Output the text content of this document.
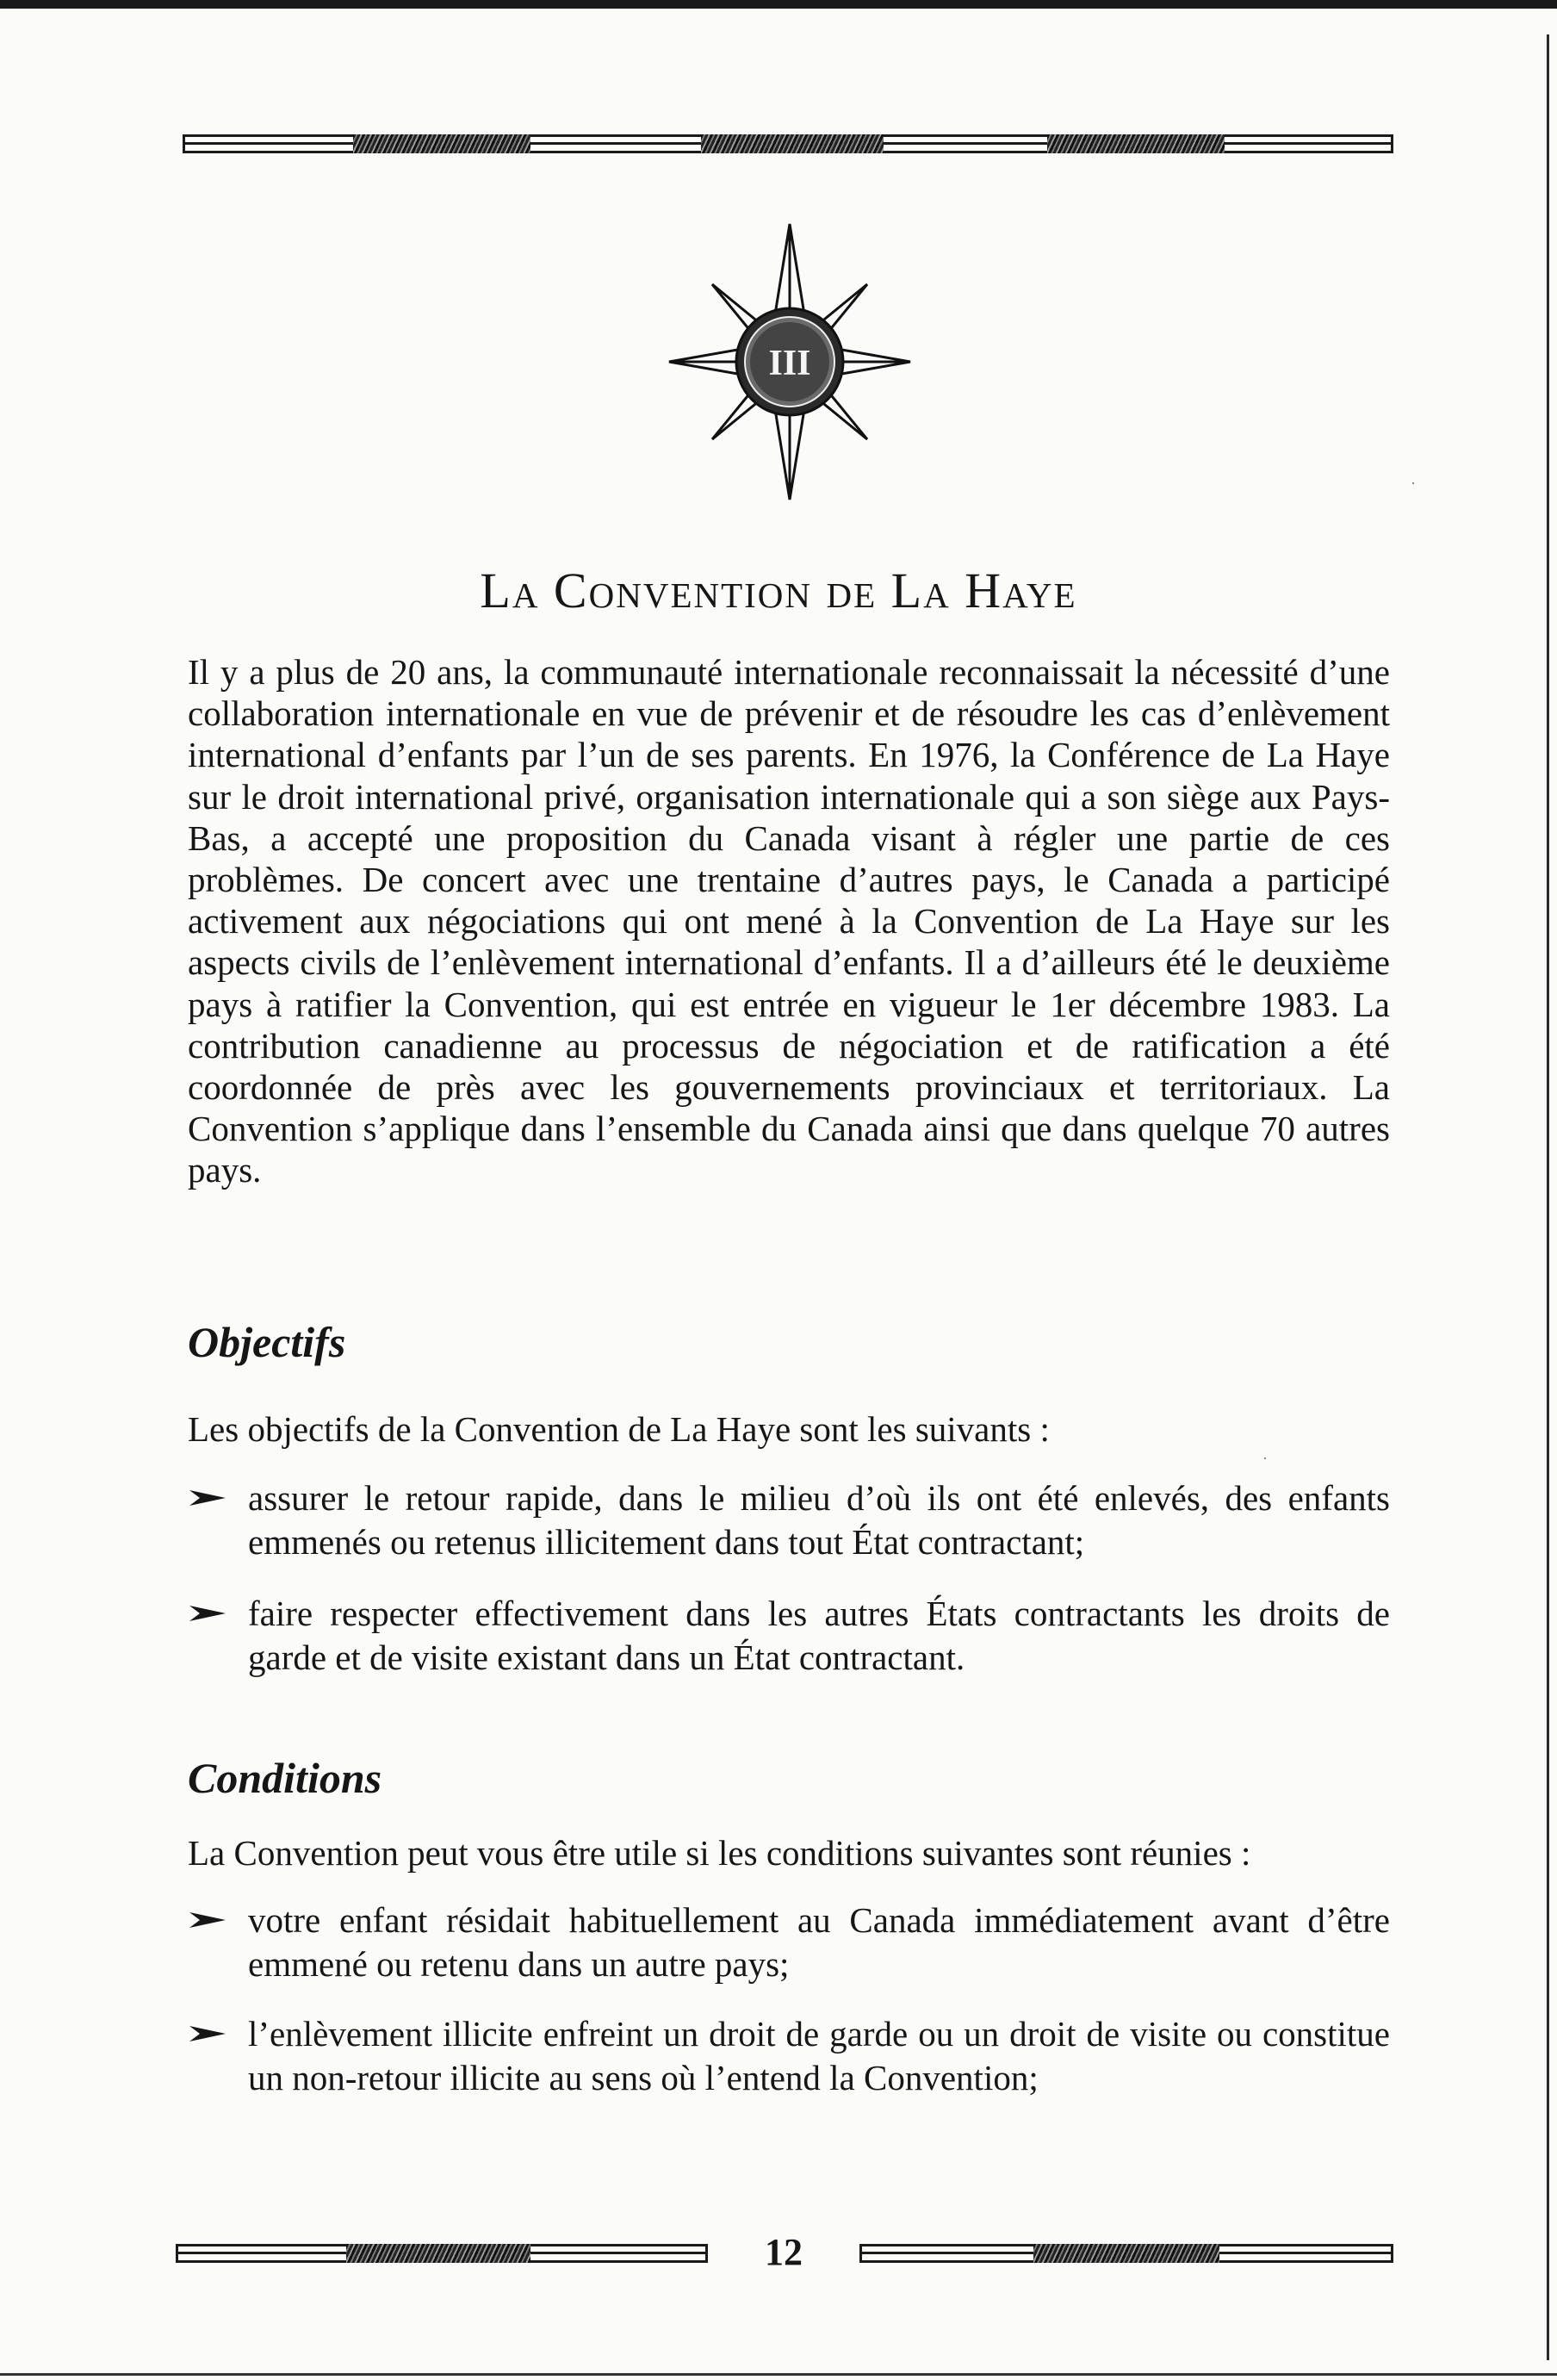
III
La Convention de La Haye

Il y a plus de 20 ans, la communauté internationale reconnaissait la nécessité d’une collaboration internationale en vue de prévenir et de résoudre les cas d’enlèvement international d’enfants par l’un de ses parents. En 1976, la Conférence de La Haye sur le droit international privé, organisation internationale qui a son siège aux Pays-Bas, a accepté une proposition du Canada visant à régler une partie de ces problèmes. De concert avec une trentaine d’autres pays, le Canada a participé activement aux négociations qui ont mené à la Convention de La Haye sur les aspects civils de l’enlèvement international d’enfants. Il a d’ailleurs été le deuxième pays à ratifier la Convention, qui est entrée en vigueur le 1er décembre 1983. La contribution canadienne au processus de négociation et de ratification a été coordonnée de près avec les gouvernements provinciaux et territoriaux. La Convention s’applique dans l’ensemble du Canada ainsi que dans quelque 70 autres pays.

Objectifs

Les objectifs de la Convention de La Haye sont les suivants :

assurer le retour rapide, dans le milieu d’où ils ont été enlevés, des enfants emmenés ou retenus illicitement dans tout État contractant;

faire respecter effectivement dans les autres États contractants les droits de garde et de visite existant dans un État contractant.

Conditions

La Convention peut vous être utile si les conditions suivantes sont réunies :

votre enfant résidait habituellement au Canada immédiatement avant d’être emmené ou retenu dans un autre pays;

l’enlèvement illicite enfreint un droit de garde ou un droit de visite ou constitue un non-retour illicite au sens où l’entend la Convention;

12
